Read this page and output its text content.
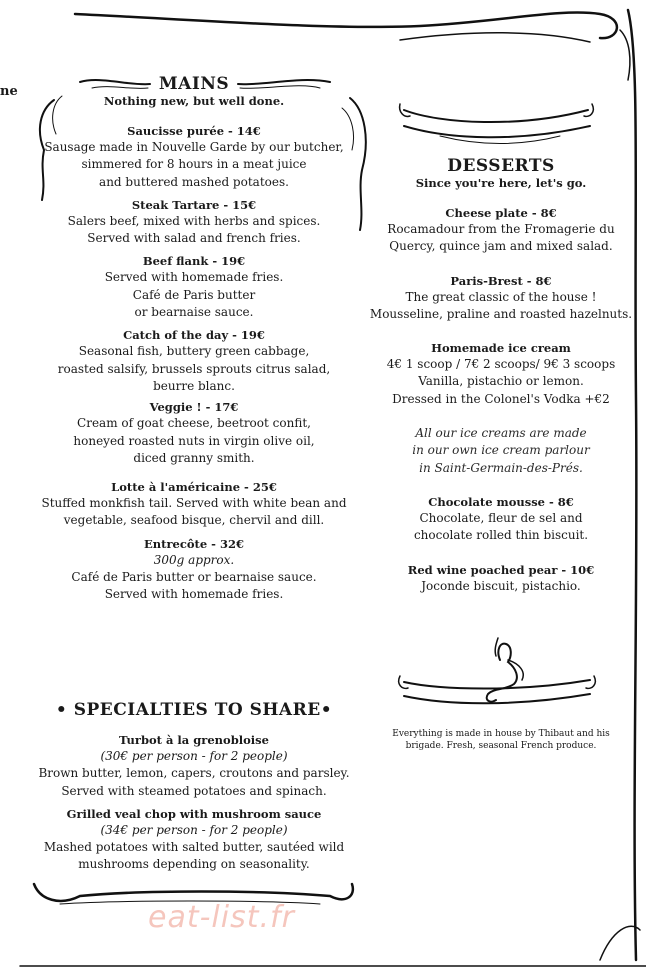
ne	MAINS
Nothing new, but well done.
Saucisse purée - 14€
Sausage made in Nouvelle Garde by our butcher,
simmered for 8 hours in a meat juice
and buttered mashed potatoes.
Steak Tartare - 15€
Salers beef, mixed with herbs and spices.
Served with salad and french fries.
Beef flank - 19€
Served with homemade fries.
Café de Paris butter
or bearnaise sauce.
Catch of the day - 19€
Seasonal fish, buttery green cabbage,
roasted salsify, brussels sprouts citrus salad,
beurre blanc.
Veggie ! - 17€
Cream of goat cheese, beetroot confit,
honeyed roasted nuts in virgin olive oil,
diced granny smith.
Lotte à l'américaine - 25€
Stuffed monkfish tail. Served with white bean and
vegetable, seafood bisque, chervil and dill.
Entrecôte - 32€
300g approx.
Café de Paris butter or bearnaise sauce.
Served with homemade fries.
• SPECIALTIES TO SHARE•
Turbot à la grenobloise
(30€ per person - for 2 people)
Brown butter, lemon, capers, croutons and parsley.
Served with steamed potatoes and spinach.
Grilled veal chop with mushroom sauce
(34€ per person - for 2 people)
Mashed potatoes with salted butter, sautéed wild
mushrooms depending on seasonality.
DESSERTS
Since you're here, let's go.
Cheese plate - 8€
Rocamadour from the Fromagerie du
Quercy, quince jam and mixed salad.
Paris-Brest - 8€
The great classic of the house !
Mousseline, praline and roasted hazelnuts.
Homemade ice cream
4€ 1 scoop / 7€ 2 scoops/ 9€ 3 scoops
Vanilla, pistachio or lemon.
Dressed in the Colonel's Vodka +€2
All our ice creams are made
in our own ice cream parlour
in Saint-Germain-des-Prés.
Chocolate mousse - 8€
Chocolate, fleur de sel and
chocolate rolled thin biscuit.
Red wine poached pear - 10€
Joconde biscuit, pistachio.
Everything is made in house by Thibaut and his
brigade. Fresh, seasonal French produce.
eat-list.fr
